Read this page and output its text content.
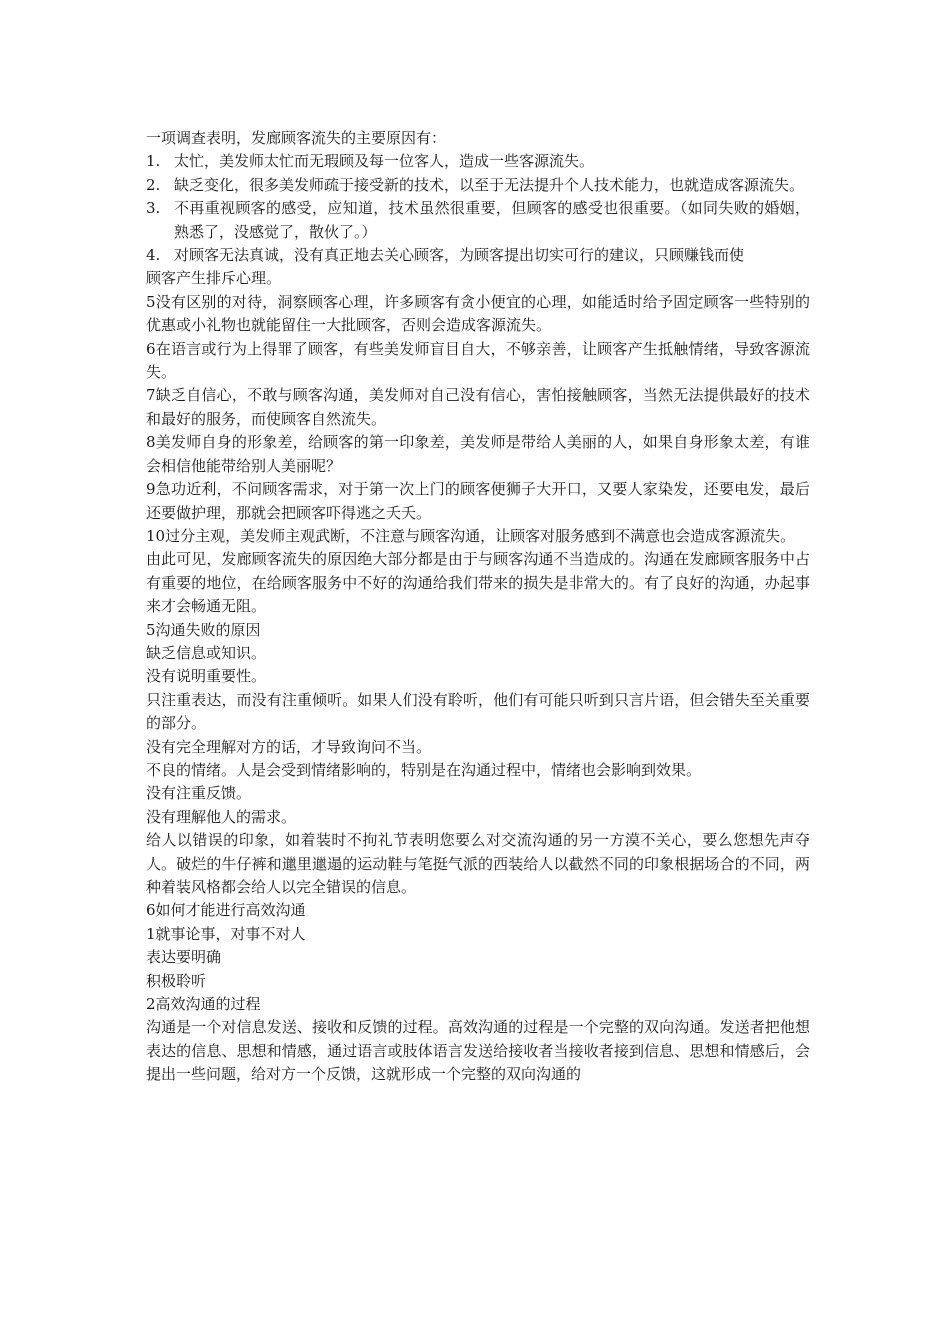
一项调查表明，发廊顾客流失的主要原因有：

1. 太忙，美发师太忙而无瑕顾及每一位客人，造成一些客源流失。
2. 缺乏变化，很多美发师疏于接受新的技术，以至于无法提升个人技术能力，也就造成客源流失。
3. 不再重视顾客的感受，应知道，技术虽然很重要，但顾客的感受也很重要。（如同失败的婚姻，熟悉了，没感觉了，散伙了。）
4. 对顾客无法真诚，没有真正地去关心顾客，为顾客提出切实可行的建议，只顾赚钱而使

顾客产生排斥心理。

5没有区别的对待，洞察顾客心理，许多顾客有贪小便宜的心理，如能适时给予固定顾客一些特别的优惠或小礼物也就能留住一大批顾客，否则会造成客源流失。

6在语言或行为上得罪了顾客，有些美发师盲目自大，不够亲善，让顾客产生抵触情绪，导致客源流失。

7缺乏自信心，不敢与顾客沟通，美发师对自己没有信心，害怕接触顾客，当然无法提供最好的技术和最好的服务，而使顾客自然流失。

8美发师自身的形象差，给顾客的第一印象差，美发师是带给人美丽的人，如果自身形象太差，有谁会相信他能带给别人美丽呢？

9急功近利，不问顾客需求，对于第一次上门的顾客便狮子大开口，又要人家染发，还要电发，最后还要做护理，那就会把顾客吓得逃之夭夭。

10过分主观，美发师主观武断，不注意与顾客沟通，让顾客对服务感到不满意也会造成客源流失。

由此可见，发廊顾客流失的原因绝大部分都是由于与顾客沟通不当造成的。沟通在发廊顾客服务中占有重要的地位，在给顾客服务中不好的沟通给我们带来的损失是非常大的。有了良好的沟通，办起事来才会畅通无阻。

5沟通失败的原因

缺乏信息或知识。

没有说明重要性。

只注重表达，而没有注重倾听。如果人们没有聆听，他们有可能只听到只言片语，但会错失至关重要的部分。

没有完全理解对方的话，才导致询问不当。

不良的情绪。人是会受到情绪影响的，特别是在沟通过程中，情绪也会影响到效果。

没有注重反馈。

没有理解他人的需求。

给人以错误的印象，如着装时不拘礼节表明您要么对交流沟通的另一方漠不关心，要么您想先声夺人。破烂的牛仔裤和邋里邋遢的运动鞋与笔挺气派的西装给人以截然不同的印象根据场合的不同，两种着装风格都会给人以完全错误的信息。

6如何才能进行高效沟通

1就事论事，对事不对人

表达要明确

积极聆听

2高效沟通的过程

沟通是一个对信息发送、接收和反馈的过程。高效沟通的过程是一个完整的双向沟通。发送者把他想表达的信息、思想和情感，通过语言或肢体语言发送给接收者当接收者接到信息、思想和情感后，会提出一些问题，给对方一个反馈，这就形成一个完整的双向沟通的
